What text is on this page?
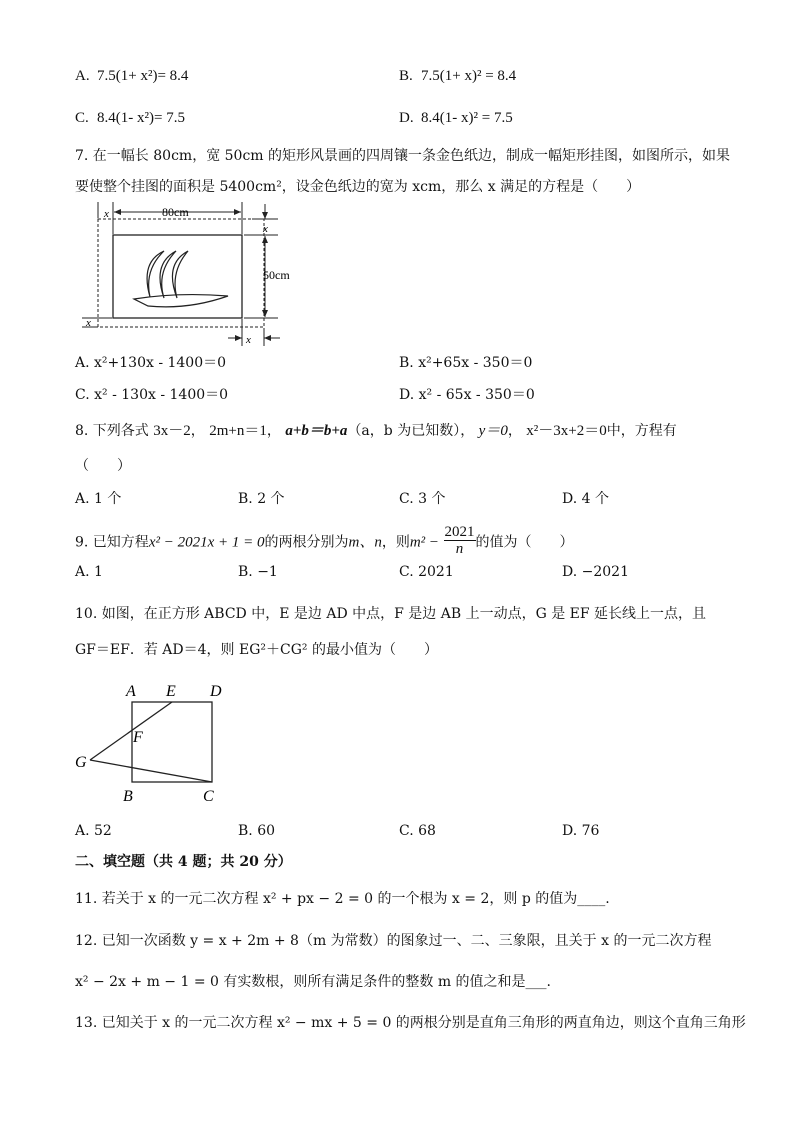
A. 7.5(1+ x²)= 8.4	B. 7.5(1+ x)² = 8.4
C. 8.4(1- x²)= 7.5	D. 8.4(1- x)² = 7.5
7. 在一幅长 80cm，宽 50cm 的矩形风景画的四周镶一条金色纸边，制成一幅矩形挂图，如图所示，如果
要使整个挂图的面积是 5400cm²，设金色纸边的宽为 xcm，那么 x 满足的方程是（　　）
x	80cm
x
50cm
x
x
A. x²+130x - 1400＝0	B. x²+65x - 350＝0
C. x² - 130x - 1400＝0	D. x² - 65x - 350＝0
8. 下列各式 3x－2， 2m+n＝1， a+b＝b+a（a，b 为已知数）， y＝0， x²－3x+2＝0中，方程有
（　　）
A. 1 个	B. 2 个	C. 3 个	D. 4 个
9. 已知方程x² − 2021x + 1 = 0的两根分别为m、n，则$m^2 - \frac{2021}{n}$ 的值为（　　）
A. 1	B. −1	C. 2021	D. −2021
10. 如图，在正方形 ABCD 中，E 是边 AD 中点，F 是边 AB 上一动点，G 是 EF 延长线上一点，且
GF＝EF．若 AD＝4，则 EG²＋CG² 的最小值为（　　）
A E D
F
G
B	C
A. 52	B. 60	C. 68	D. 76
二、填空题（共 4 题；共 20 分）
11. 若关于 x 的一元二次方程 x² + px − 2 = 0 的一个根为 x = 2，则 p 的值为____.
12. 已知一次函数 y = x + 2m + 8（m 为常数）的图象过一、二、三象限，且关于 x 的一元二次方程
x² − 2x + m − 1 = 0 有实数根，则所有满足条件的整数 m 的值之和是___.
13. 已知关于 x 的一元二次方程 x² − mx + 5 = 0 的两根分别是直角三角形的两直角边，则这个直角三角形
